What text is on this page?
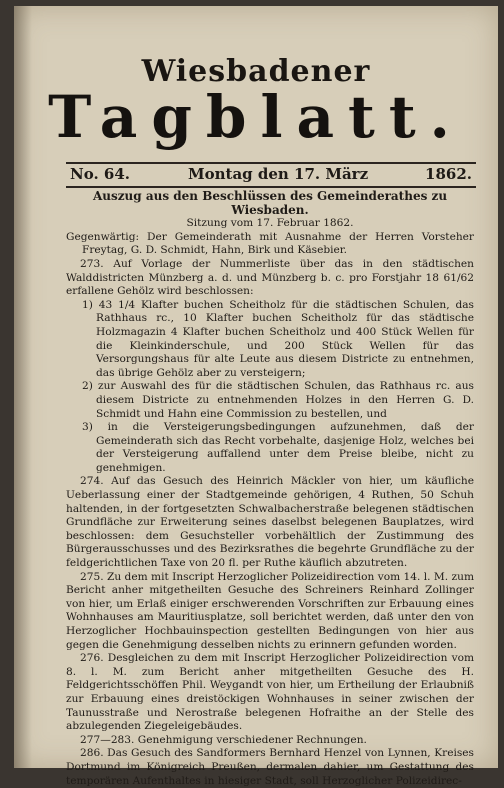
Wiesbadener
Tagblatt.
No. 64.	Montag den 17. März	1862.

Auszug aus den Beschlüssen des Gemeinderathes zu Wiesbaden.

Sitzung vom 17. Februar 1862.

Gegenwärtig: Der Gemeinderath mit Ausnahme der Herren Vorsteher Freytag, G. D. Schmidt, Hahn, Birk und Käsebier.

273. Auf Vorlage der Nummerliste über das in den städtischen Walddistricten Münzberg a. d. und Münzberg b. c. pro Forstjahr 18 61/62 erfallene Gehölz wird beschlossen:

1) 43 1/4 Klafter buchen Scheitholz für die städtischen Schulen, das Rathhaus rc., 10 Klafter buchen Scheitholz für das städtische Holzmagazin 4 Klafter buchen Scheitholz und 400 Stück Wellen für die Kleinkinderschule, und 200 Stück Wellen für das Versorgungshaus für alte Leute aus diesem Districte zu entnehmen, das übrige Gehölz aber zu versteigern;

2) zur Auswahl des für die städtischen Schulen, das Rathhaus rc. aus diesem Districte zu entnehmenden Holzes in den Herren G. D. Schmidt und Hahn eine Commission zu bestellen, und

3) in die Versteigerungsbedingungen aufzunehmen, daß der Gemeinderath sich das Recht vorbehalte, dasjenige Holz, welches bei der Versteigerung auffallend unter dem Preise bleibe, nicht zu genehmigen.

274. Auf das Gesuch des Heinrich Mäckler von hier, um käufliche Ueberlassung einer der Stadtgemeinde gehörigen, 4 Ruthen, 50 Schuh haltenden, in der fortgesetzten Schwalbacherstraße belegenen städtischen Grundfläche zur Erweiterung seines daselbst belegenen Bauplatzes, wird beschlossen: dem Gesuchsteller vorbehältlich der Zustimmung des Bürgerausschusses und des Bezirksrathes die begehrte Grundfläche zu der feldgerichtlichen Taxe von 20 fl. per Ruthe käuflich abzutreten.

275. Zu dem mit Inscript Herzoglicher Polizeidirection vom 14. l. M. zum Bericht anher mitgetheilten Gesuche des Schreiners Reinhard Zollinger von hier, um Erlaß einiger erschwerenden Vorschriften zur Erbauung eines Wohnhauses am Mauritiusplatze, soll berichtet werden, daß unter den von Herzoglicher Hochbauinspection gestellten Bedingungen von hier aus gegen die Genehmigung desselben nichts zu erinnern gefunden worden.

276. Desgleichen zu dem mit Inscript Herzoglicher Polizeidirection vom 8. l. M. zum Bericht anher mitgetheilten Gesuche des H. Feldgerichtsschöffen Phil. Weygandt von hier, um Ertheilung der Erlaubniß zur Erbauung eines dreistöckigen Wohnhauses in seiner zwischen der Taunusstraße und Nerostraße belegenen Hofraithe an der Stelle des abzulegenden Ziegeleigebäudes.

277—283. Genehmigung verschiedener Rechnungen.

286. Das Gesuch des Sandformers Bernhard Henzel von Lynnen, Kreises Dortmund im Königreich Preußen, dermalen dahier, um Gestattung des temporären Aufenthaltes in hiesiger Stadt, soll Herzoglicher Polizeidirec-
